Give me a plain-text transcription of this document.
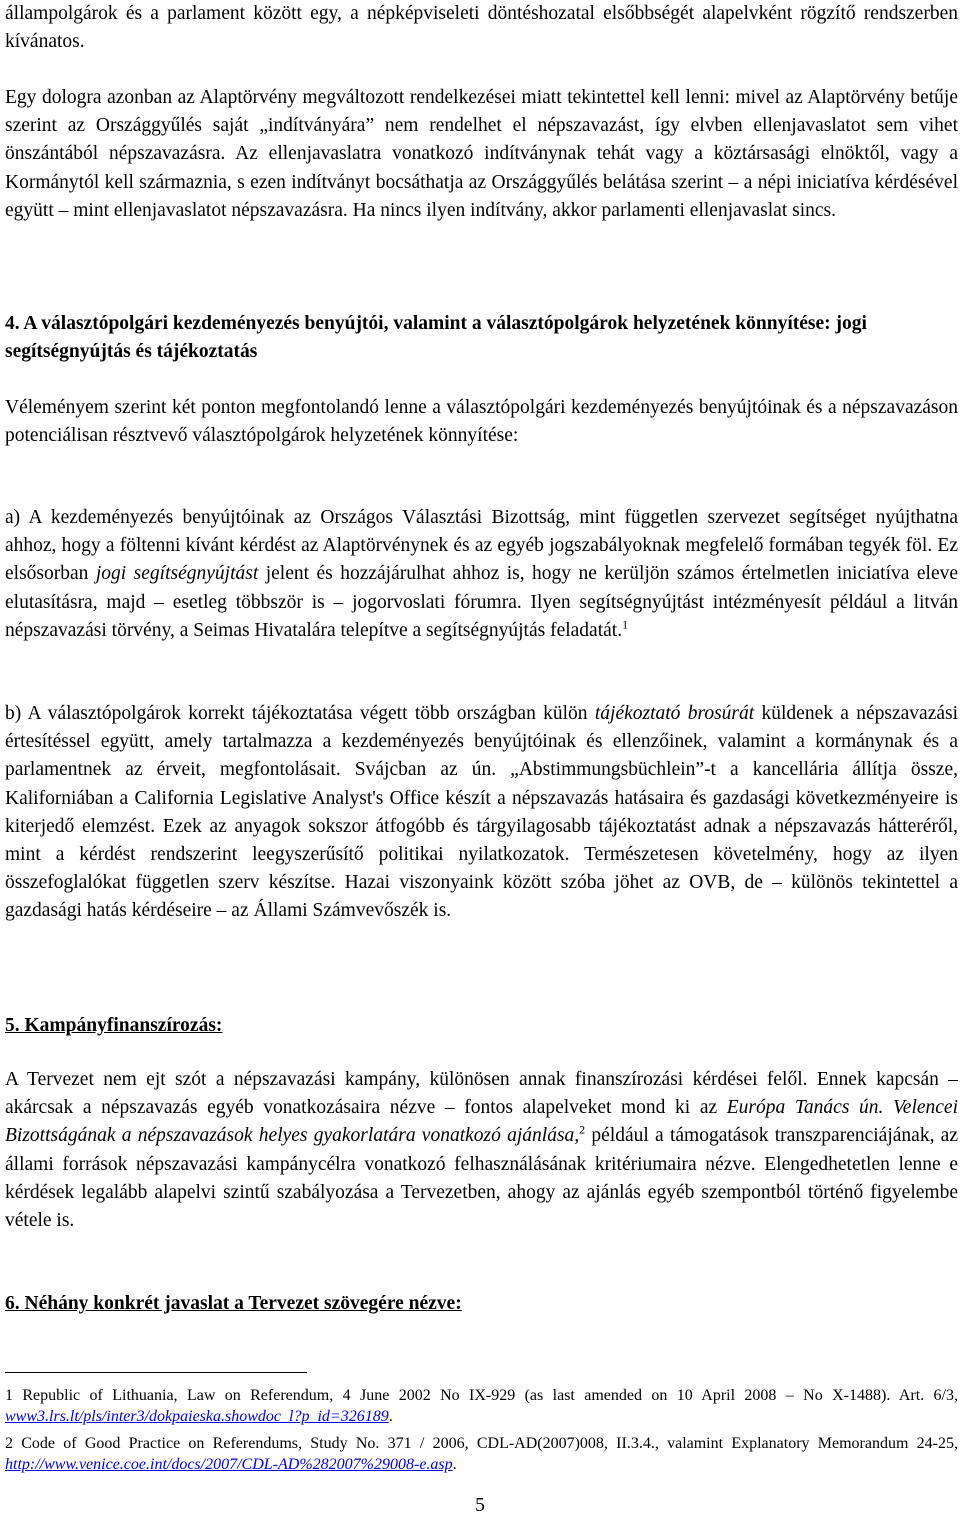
állampolgárok és a parlament között egy, a népképviseleti döntéshozatal elsőbbségét alapelvként rögzítő rendszerben kívánatos.

Egy dologra azonban az Alaptörvény megváltozott rendelkezései miatt tekintettel kell lenni: mivel az Alaptörvény betűje szerint az Országgyűlés saját „indítványára” nem rendelhet el népszavazást, így elvben ellenjavaslatot sem vihet önszántából népszavazásra. Az ellenjavaslatra vonatkozó indítványnak tehát vagy a köztársasági elnöktől, vagy a Kormánytól kell származnia, s ezen indítványt bocsáthatja az Országgyűlés belátása szerint – a népi iniciatíva kérdésével együtt – mint ellenjavaslatot népszavazásra. Ha nincs ilyen indítvány, akkor parlamenti ellenjavaslat sincs.

4. A választópolgári kezdeményezés benyújtói, valamint a választópolgárok helyzetének könnyítése: jogi segítségnyújtás és tájékoztatás

Véleményem szerint két ponton megfontolandó lenne a választópolgári kezdeményezés benyújtóinak és a népszavazáson potenciálisan résztvevő választópolgárok helyzetének könnyítése:

a) A kezdeményezés benyújtóinak az Országos Választási Bizottság, mint független szervezet segítséget nyújthatna ahhoz, hogy a föltenni kívánt kérdést az Alaptörvénynek és az egyéb jogszabályoknak megfelelő formában tegyék föl. Ez elsősorban jogi segítségnyújtást jelent és hozzájárulhat ahhoz is, hogy ne kerüljön számos értelmetlen iniciatíva eleve elutasításra, majd – esetleg többször is – jogorvoslati fórumra. Ilyen segítségnyújtást intézményesít például a litván népszavazási törvény, a Seimas Hivatalára telepítve a segítségnyújtás feladatát.$^1$

b) A választópolgárok korrekt tájékoztatása végett több országban külön tájékoztató brosúrát küldenek a népszavazási értesítéssel együtt, amely tartalmazza a kezdeményezés benyújtóinak és ellenzőinek, valamint a kormánynak és a parlamentnek az érveit, megfontolásait. Svájcban az ún. „Abstimmungsbüchlein”-t a kancellária állítja össze, Kaliforniában a California Legislative Analyst's Office készít a népszavazás hatásaira és gazdasági következményeire is kiterjedő elemzést. Ezek az anyagok sokszor átfogóbb és tárgyilagosabb tájékoztatást adnak a népszavazás hátteréről, mint a kérdést rendszerint leegyszerűsítő politikai nyilatkozatok. Természetesen követelmény, hogy az ilyen összefoglalókat független szerv készítse. Hazai viszonyaink között szóba jöhet az OVB, de – különös tekintettel a gazdasági hatás kérdéseire – az Állami Számvevőszék is.

5. Kampányfinanszírozás:

A Tervezet nem ejt szót a népszavazási kampány, különösen annak finanszírozási kérdései felől. Ennek kapcsán – akárcsak a népszavazás egyéb vonatkozásaira nézve – fontos alapelveket mond ki az Európa Tanács ún. Velencei Bizottságának a népszavazások helyes gyakorlatára vonatkozó ajánlása,$^2$ például a támogatások transzparenciájának, az állami források népszavazási kampánycélra vonatkozó felhasználásának kritériumaira nézve. Elengedhetetlen lenne e kérdések legalább alapelvi szintű szabályozása a Tervezetben, ahogy az ajánlás egyéb szempontból történő figyelembe vétele is.

6. Néhány konkrét javaslat a Tervezet szövegére nézve:

1 Republic of Lithuania, Law on Referendum, 4 June 2002 No IX-929 (as last amended on 10 April 2008 – No X-1488). Art. 6/3, www3.lrs.lt/pls/inter3/dokpaieska.showdoc_l?p_id=326189.

2 Code of Good Practice on Referendums, Study No. 371 / 2006, CDL-AD(2007)008, II.3.4., valamint Explanatory Memorandum 24-25, http://www.venice.coe.int/docs/2007/CDL-AD%282007%29008-e.asp.

5
